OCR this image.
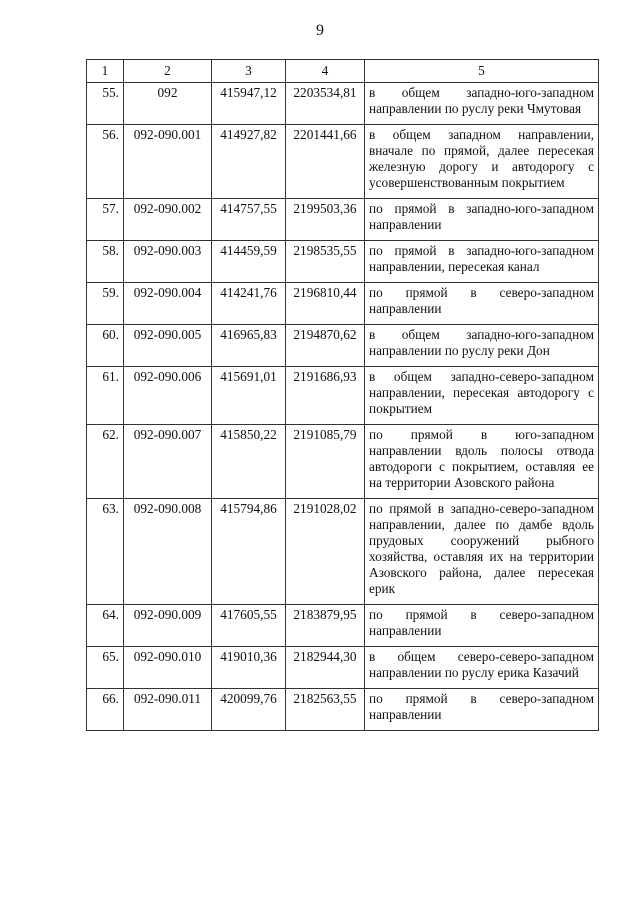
9
1	2	3	4	5
55.	092	415947,12	2203534,81	в общем западно-юго-западном направлении по руслу реки Чмутовая
56.	092-090.001	414927,82	2201441,66	в общем западном направлении, вначале по прямой, далее пересекая железную дорогу и автодорогу с усовершенствованным покрытием
57.	092-090.002	414757,55	2199503,36	по прямой в западно-юго-западном направлении
58.	092-090.003	414459,59	2198535,55	по прямой в западно-юго-западном направлении, пересекая канал
59.	092-090.004	414241,76	2196810,44	по прямой в северо-западном направлении
60.	092-090.005	416965,83	2194870,62	в общем западно-юго-западном направлении по руслу реки Дон
61.	092-090.006	415691,01	2191686,93	в общем западно-северо-западном направлении, пересекая автодорогу с покрытием
62.	092-090.007	415850,22	2191085,79	по прямой в юго-западном направлении вдоль полосы отвода автодороги с покрытием, оставляя ее на территории Азовского района
63.	092-090.008	415794,86	2191028,02	по прямой в западно-северо-западном направлении, далее по дамбе вдоль прудовых сооружений рыбного хозяйства, оставляя их на территории Азовского района, далее пересекая ерик
64.	092-090.009	417605,55	2183879,95	по прямой в северо-западном направлении
65.	092-090.010	419010,36	2182944,30	в общем северо-северо-западном направлении по руслу ерика Казачий
66.	092-090.011	420099,76	2182563,55	по прямой в северо-западном направлении
